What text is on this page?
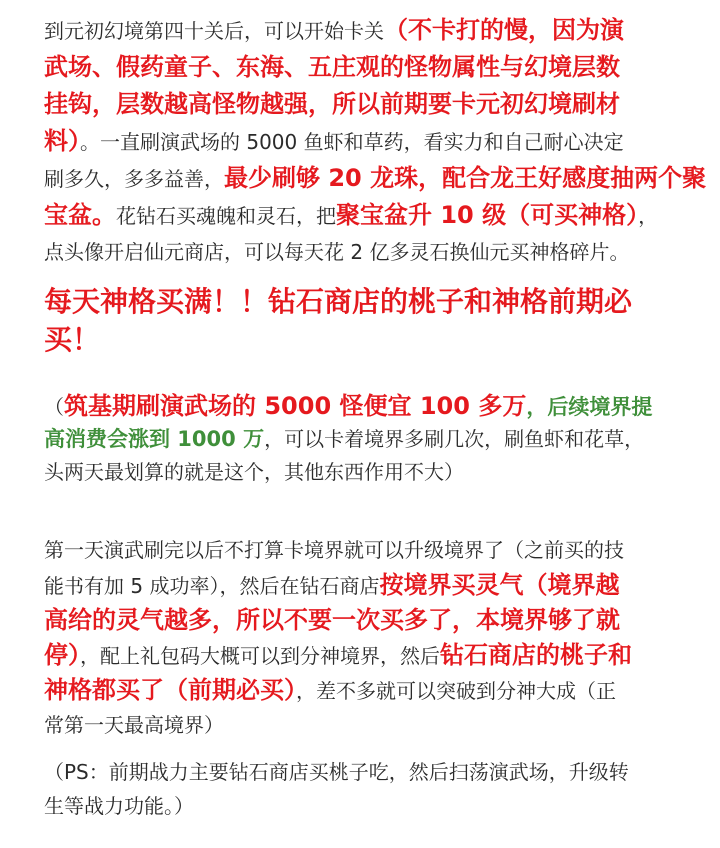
到元初幻境第四十关后，可以开始卡关（不卡打的慢，因为演
武场、假药童子、东海、五庄观的怪物属性与幻境层数
挂钩，层数越高怪物越强，所以前期要卡元初幻境刷材
料）。一直刷演武场的 5000 鱼虾和草药，看实力和自己耐心决定
刷多久，多多益善，最少刷够 20 龙珠，配合龙王好感度抽两个聚
宝盆。花钻石买魂魄和灵石，把聚宝盆升 10 级（可买神格），
点头像开启仙元商店，可以每天花 2 亿多灵石换仙元买神格碎片。
每天神格买满！！钻石商店的桃子和神格前期必
买！
（筑基期刷演武场的 5000 怪便宜 100 多万，后续境界提
高消费会涨到 1000 万，可以卡着境界多刷几次，刷鱼虾和花草，
头两天最划算的就是这个，其他东西作用不大）
第一天演武刷完以后不打算卡境界就可以升级境界了（之前买的技
能书有加 5 成功率），然后在钻石商店按境界买灵气（境界越
高给的灵气越多，所以不要一次买多了，本境界够了就
停），配上礼包码大概可以到分神境界，然后钻石商店的桃子和
神格都买了（前期必买），差不多就可以突破到分神大成（正
常第一天最高境界）
（PS：前期战力主要钻石商店买桃子吃，然后扫荡演武场，升级转
生等战力功能。）
